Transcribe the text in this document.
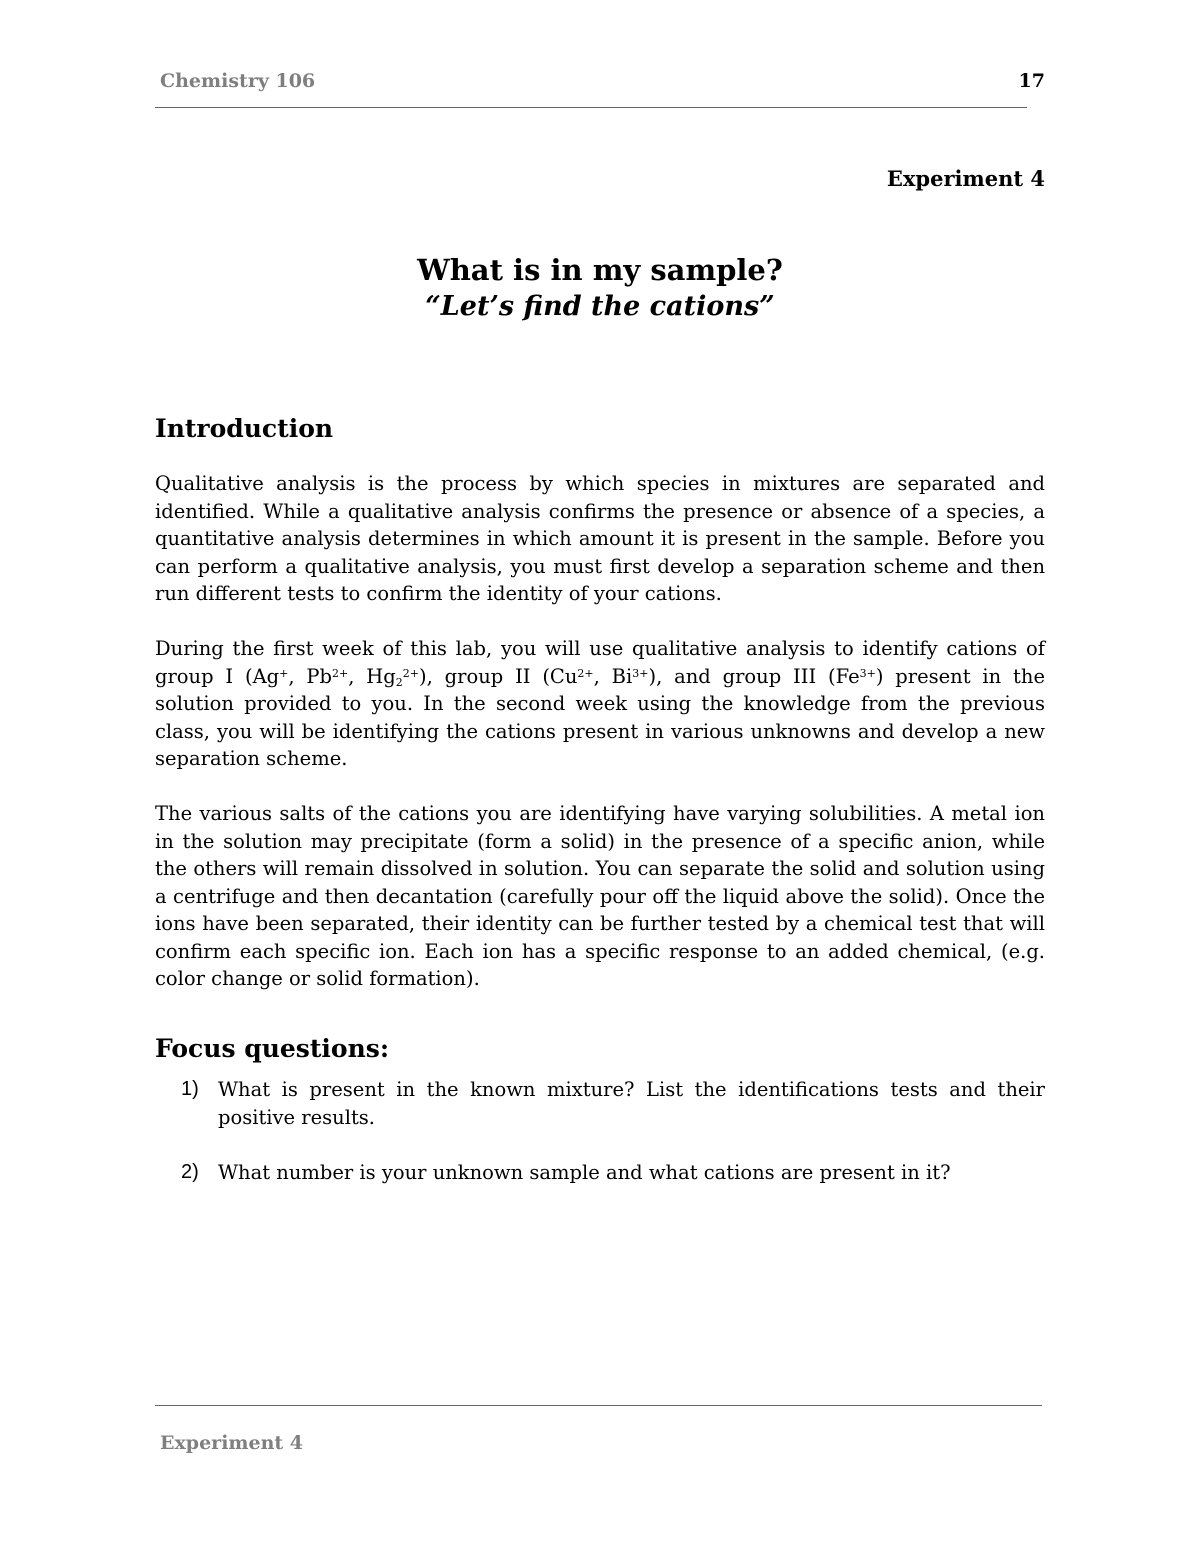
Chemistry 106	17
Experiment 4
What is in my sample?
“Let’s find the cations”
Introduction

Qualitative analysis is the process by which species in mixtures are separated and identified. While a qualitative analysis confirms the presence or absence of a species, a quantitative analysis determines in which amount it is present in the sample. Before you can perform a qualitative analysis, you must first develop a separation scheme and then run different tests to confirm the identity of your cations.

During the first week of this lab, you will use qualitative analysis to identify cations of group I (Ag+, $Pb^{2+}$, $Hg_2^{2+}$), group II ($Cu^{2+}$, $Bi^{3+}$), and group III $(Fe^{3+})$ present in the solution provided to you. In the second week using the knowledge from the previous class, you will be identifying the cations present in various unknowns and develop a new separation scheme.

The various salts of the cations you are identifying have varying solubilities. A metal ion in the solution may precipitate (form a solid) in the presence of a specific anion, while the others will remain dissolved in solution. You can separate the solid and solution using a centrifuge and then decantation (carefully pour off the liquid above the solid). Once the ions have been separated, their identity can be further tested by a chemical test that will confirm each specific ion. Each ion has a specific response to an added chemical, (e.g. color change or solid formation).

Focus questions:
1) What is present in the known mixture? List the identifications tests and their positive results.
2) What number is your unknown sample and what cations are present in it?
Experiment 4
